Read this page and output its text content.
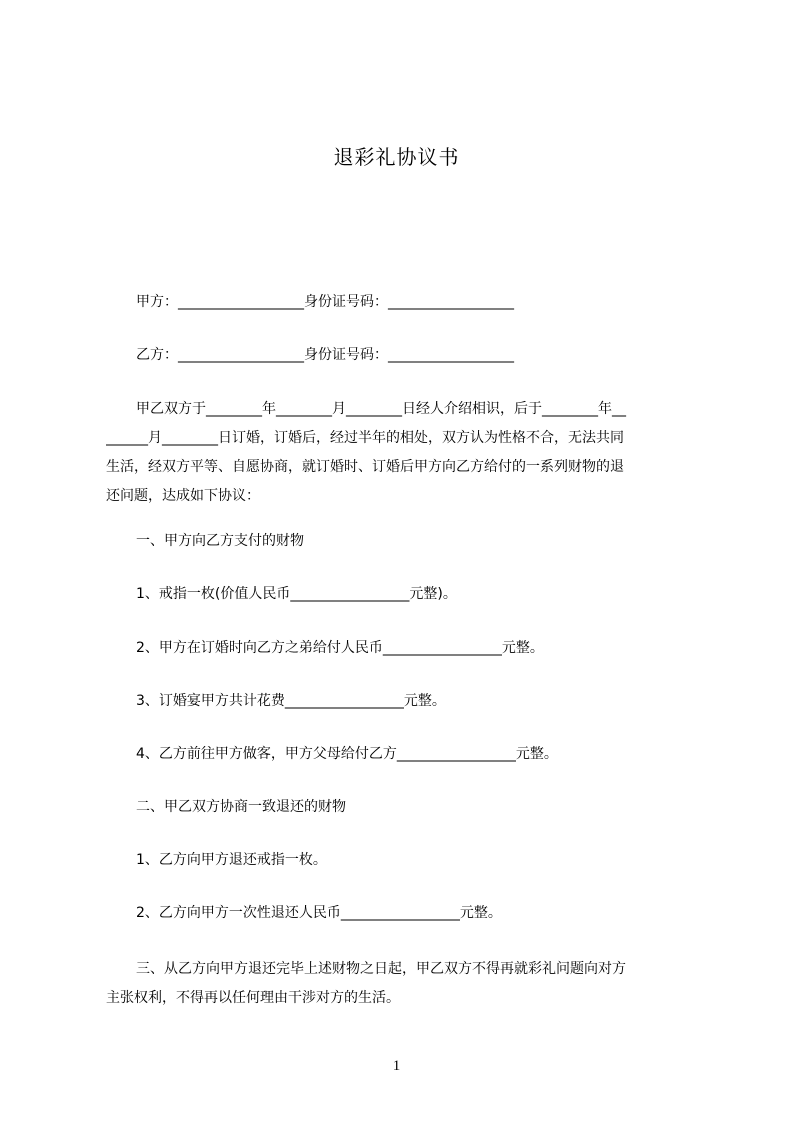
退彩礼协议书
甲方：__________________身份证号码：__________________
乙方：__________________身份证号码：__________________
甲乙双方于________年________月________日经人介绍相识，后于________年__
______月________日订婚，订婚后，经过半年的相处，双方认为性格不合，无法共同
生活，经双方平等、自愿协商，就订婚时、订婚后甲方向乙方给付的一系列财物的退
还问题，达成如下协议：
一、甲方向乙方支付的财物
1、戒指一枚(价值人民币_________________元整)。
2、甲方在订婚时向乙方之弟给付人民币_________________元整。
3、订婚宴甲方共计花费_________________元整。
4、乙方前往甲方做客，甲方父母给付乙方_________________元整。
二、甲乙双方协商一致退还的财物
1、乙方向甲方退还戒指一枚。
2、乙方向甲方一次性退还人民币_________________元整。
三、从乙方向甲方退还完毕上述财物之日起，甲乙双方不得再就彩礼问题向对方
主张权利，不得再以任何理由干涉对方的生活。
1
